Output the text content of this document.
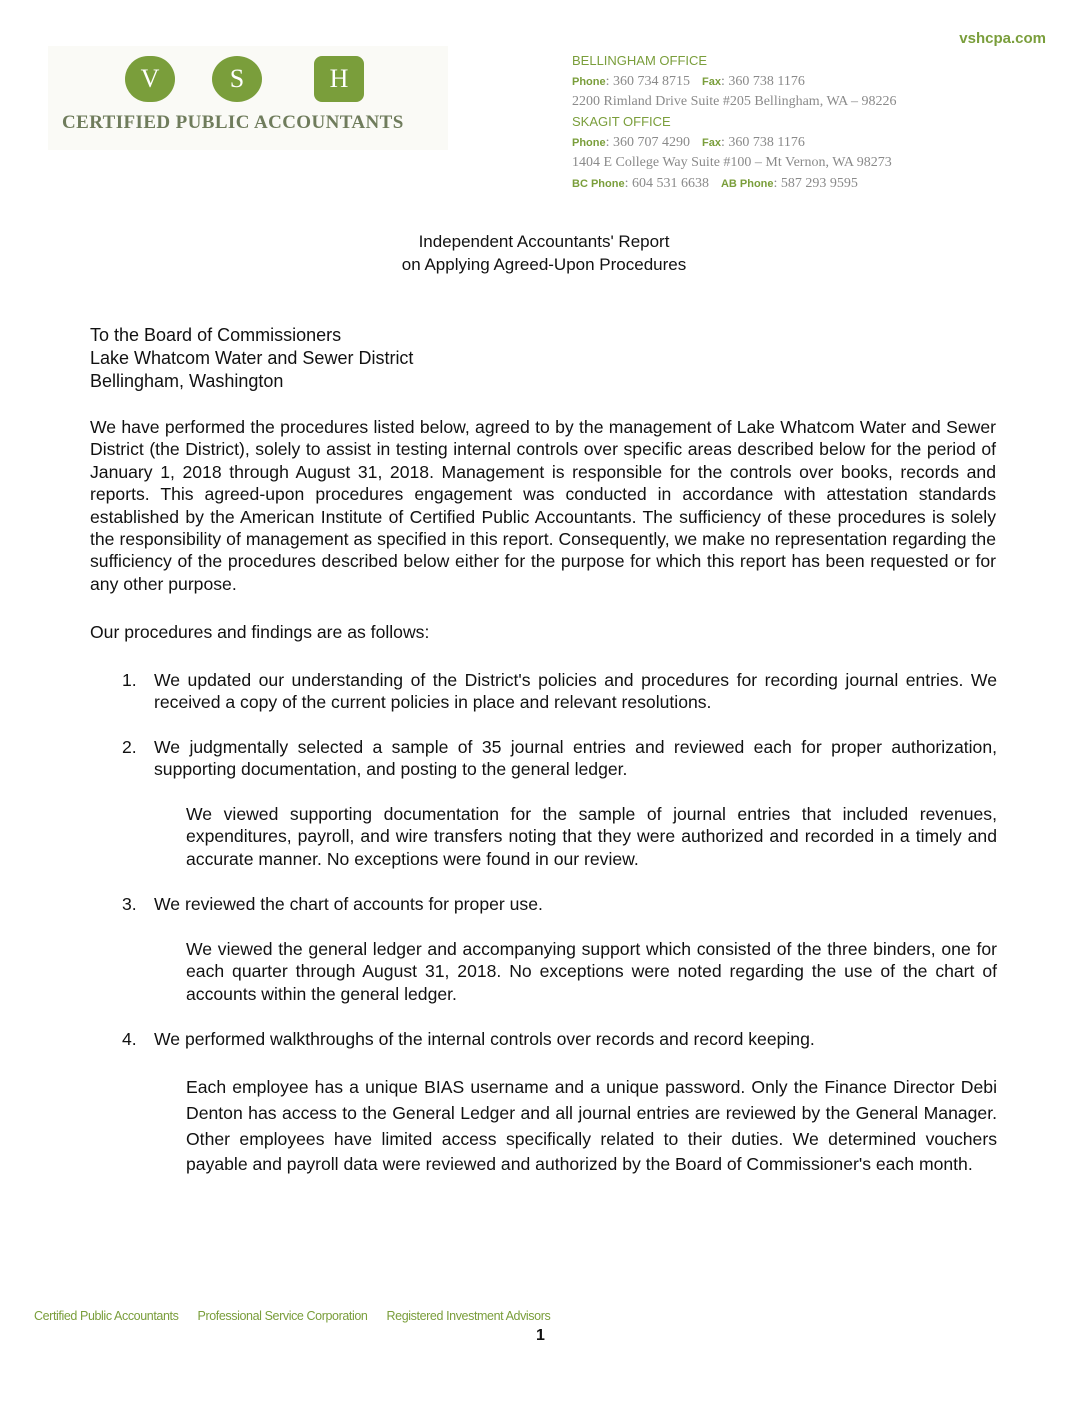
vshcpa.com
V	S	H
CERTIFIED PUBLIC ACCOUNTANTS
BELLINGHAM OFFICE
Phone: 360 734 8715 Fax: 360 738 1176
2200 Rimland Drive Suite #205 Bellingham, WA – 98226
SKAGIT OFFICE
Phone: 360 707 4290 Fax: 360 738 1176
1404 E College Way Suite #100 – Mt Vernon, WA 98273
BC Phone: 604 531 6638 AB Phone: 587 293 9595
Independent Accountants' Report
on Applying Agreed-Upon Procedures
To the Board of Commissioners
Lake Whatcom Water and Sewer District
Bellingham, Washington
We have performed the procedures listed below, agreed to by the management of Lake Whatcom Water and Sewer District (the District), solely to assist in testing internal controls over specific areas described below for the period of January 1, 2018 through August 31, 2018. Management is responsible for the controls over books, records and reports. This agreed-upon procedures engagement was conducted in accordance with attestation standards established by the American Institute of Certified Public Accountants. The sufficiency of these procedures is solely the responsibility of management as specified in this report. Consequently, we make no representation regarding the sufficiency of the procedures described below either for the purpose for which this report has been requested or for any other purpose.
Our procedures and findings are as follows:
1. We updated our understanding of the District's policies and procedures for recording journal entries. We received a copy of the current policies in place and relevant resolutions.
2. We judgmentally selected a sample of 35 journal entries and reviewed each for proper authorization, supporting documentation, and posting to the general ledger.
We viewed supporting documentation for the sample of journal entries that included revenues, expenditures, payroll, and wire transfers noting that they were authorized and recorded in a timely and accurate manner. No exceptions were found in our review.
3. We reviewed the chart of accounts for proper use.
We viewed the general ledger and accompanying support which consisted of the three binders, one for each quarter through August 31, 2018. No exceptions were noted regarding the use of the chart of accounts within the general ledger.
4. We performed walkthroughs of the internal controls over records and record keeping.
Each employee has a unique BIAS username and a unique password. Only the Finance Director Debi Denton has access to the General Ledger and all journal entries are reviewed by the General Manager. Other employees have limited access specifically related to their duties. We determined vouchers payable and payroll data were reviewed and authorized by the Board of Commissioner's each month.
Certified Public Accountants Professional Service Corporation Registered Investment Advisors
1
